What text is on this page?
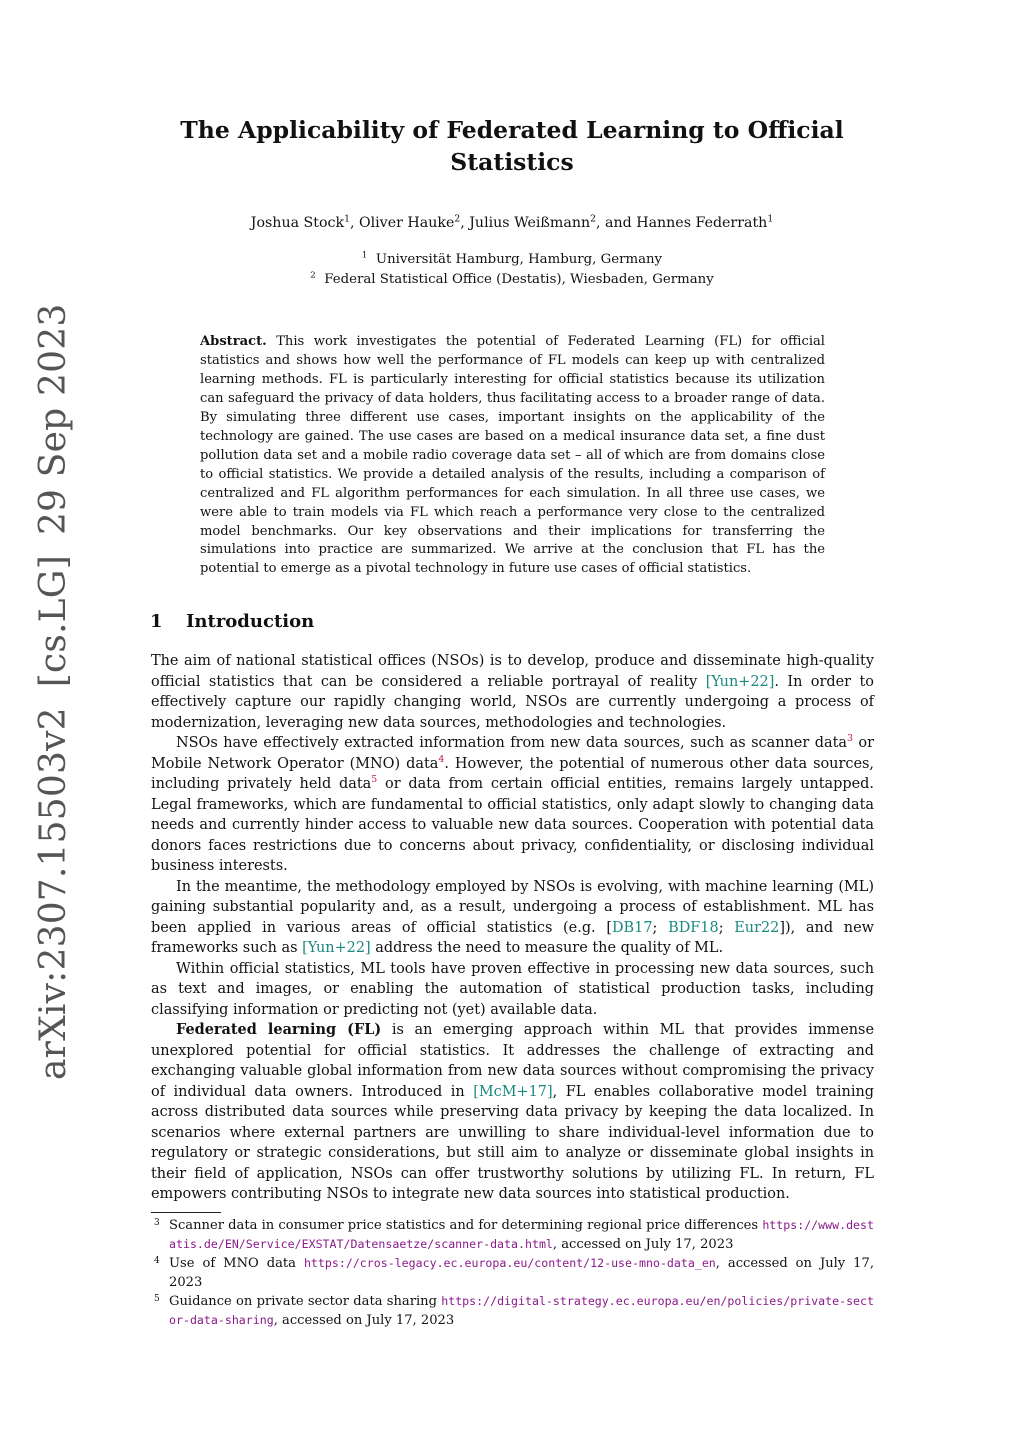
arXiv:2307.15503v2[cs.LG]29 Sep 2023
The Applicability of Federated Learning to Official
Statistics
Joshua Stock$^1$, Oliver Hauke$^2$, Julius Weißmann$^2$, and Hannes Federrath$^1$
$^1$ Universität Hamburg, Hamburg, Germany
$^2$ Federal Statistical Office (Destatis), Wiesbaden, Germany
Abstract. This work investigates the potential of Federated Learning (FL) for official statistics and shows how well the performance of FL models can keep up with centralized learning methods. FL is particularly interesting for official statistics because its utilization can safeguard the privacy of data holders, thus facilitating access to a broader range of data. By simulating three different use cases, important insights on the applicability of the technology are gained. The use cases are based on a medical insurance data set, a fine dust pollution data set and a mobile radio coverage data set – all of which are from domains close to official statistics. We provide a detailed analysis of the results, including a comparison of centralized and FL algorithm performances for each simulation. In all three use cases, we were able to train models via FL which reach a performance very close to the centralized model benchmarks. Our key observations and their implications for transferring the simulations into practice are summarized. We arrive at the conclusion that FL has the potential to emerge as a pivotal technology in future use cases of official statistics.
1 Introduction

The aim of national statistical offices (NSOs) is to develop, produce and disseminate high-quality official statistics that can be considered a reliable portrayal of reality [Yun+22]. In order to effectively capture our rapidly changing world, NSOs are currently undergoing a process of modernization, leveraging new data sources, methodologies and technologies.

NSOs have effectively extracted information from new data sources, such as scanner data$^3$ or Mobile Network Operator (MNO) data$^4$. However, the potential of numerous other data sources, including privately held data$^5$ or data from certain official entities, remains largely untapped. Legal frameworks, which are fundamental to official statistics, only adapt slowly to changing data needs and currently hinder access to valuable new data sources. Cooperation with potential data donors faces restrictions due to concerns about privacy, confidentiality, or disclosing individual business interests.

In the meantime, the methodology employed by NSOs is evolving, with machine learning (ML) gaining substantial popularity and, as a result, undergoing a process of establishment. ML has been applied in various areas of official statistics (e.g. [DB17; BDF18; Eur22]), and new frameworks such as [Yun+22] address the need to measure the quality of ML.

Within official statistics, ML tools have proven effective in processing new data sources, such as text and images, or enabling the automation of statistical production tasks, including classifying information or predicting not (yet) available data.

Federated learning (FL) is an emerging approach within ML that provides immense unexplored potential for official statistics. It addresses the challenge of extracting and exchanging valuable global information from new data sources without compromising the privacy of individual data owners. Introduced in [McM+17], FL enables collaborative model training across distributed data sources while preserving data privacy by keeping the data localized. In scenarios where external partners are unwilling to share individual-level information due to regulatory or strategic considerations, but still aim to analyze or disseminate global insights in their field of application, NSOs can offer trustworthy solutions by utilizing FL. In return, FL empowers contributing NSOs to integrate new data sources into statistical production.

3 Scanner data in consumer price statistics and for determining regional price differences https://www.destatis.de/EN/Service/EXSTAT/Datensaetze/scanner-data.html, accessed on July 17, 2023
4 Use of MNO data https://cros-legacy.ec.europa.eu/content/12-use-mno-data_en, accessed on July 17, 2023
5 Guidance on private sector data sharing https://digital-strategy.ec.europa.eu/en/policies/private-sector-data-sharing, accessed on July 17, 2023
